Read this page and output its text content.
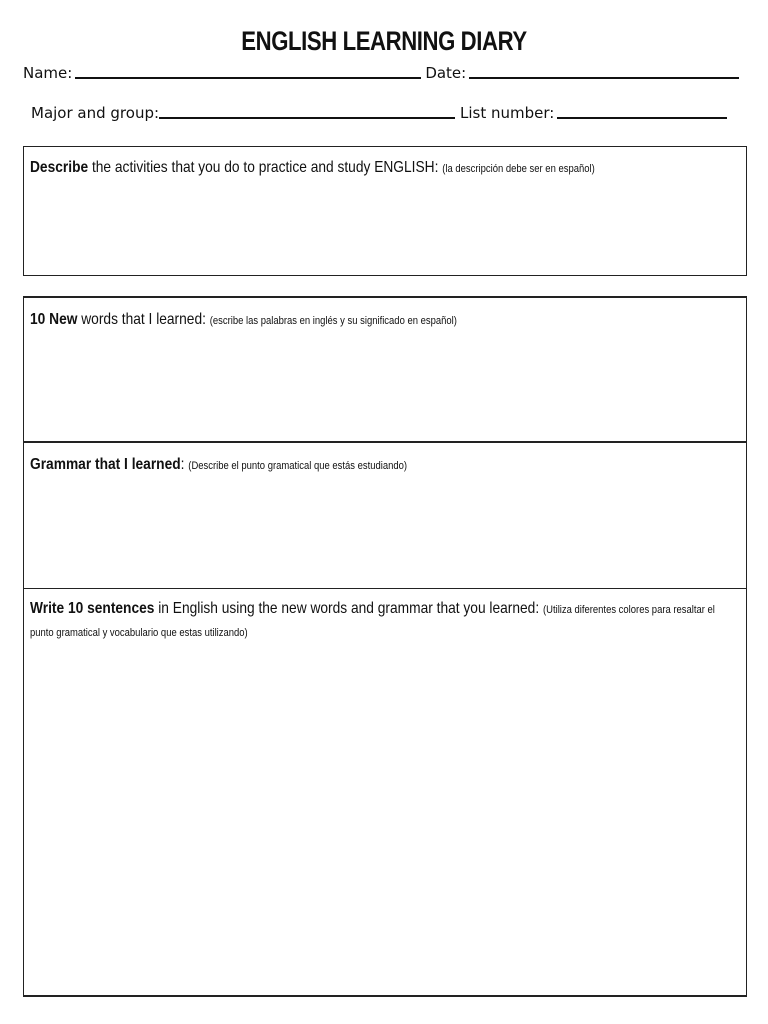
ENGLISH LEARNING DIARY
Name:	Date:
Major and group:	List number:
Describe the activities that you do to practice and study ENGLISH: (la descripción debe ser en español)
10 New words that I learned: (escribe las palabras en inglés y su significado en español)
Grammar that I learned: (Describe el punto gramatical que estás estudiando)
Write 10 sentences in English using the new words and grammar that you learned: (Utiliza diferentes colores para resaltar el punto gramatical y vocabulario que estas utilizando)
